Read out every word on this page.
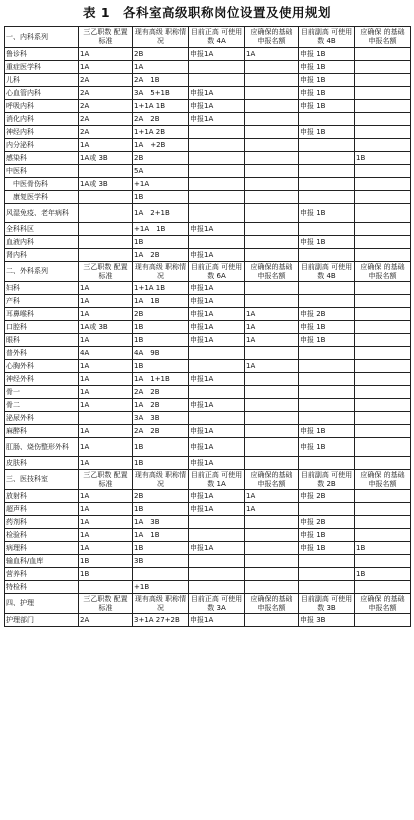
表 1　各科室高级职称岗位设置及使用规划
一、内科系列	三乙职数 配置标准	现有高级 职称情况	目前正高 可使用数 4A	应确保的基础 申报名额	目前副高 可使用数 4B	应确保 的基础 申报名额
鲁诊科	1A	2B	申报1A	1A	申报 1B	
重症医学科	1A	1A			申报 1B	
儿科	2A	2A　1B			申报 1B	
心血管内科	2A	3A　5+1B	申报1A		申报 1B	
呼吸内科	2A	1+1A 1B	申报1A		申报 1B	
消化内科	2A	2A　2B	申报1A			
神经内科	2A	1+1A 2B			申报 1B	
内分泌科	1A	1A　+2B				
感染科	1A或 3B	2B				1B
中医科		5A				
　中医骨伤科	1A或 3B	+1A				
　康复医学科		1B				
风湿免疫、老年病科		1A　2+1B			申报 1B	
全科科区		+1A　1B	申报1A			
血液内科		1B			申报 1B	
肾内科		1A　2B	申报1A			
二、外科系列	三乙职数 配置标准	现有高级 职称情况	目前正高 可使用数 6A	应确保的基础 申报名额	目前副高 可使用数 4B	应确保 的基础 申报名额
妇科	1A	1+1A 1B	申报1A			
产科	1A	1A　1B	申报1A			
耳鼻喉科	1A	2B	申报1A	1A	申报 2B	
口腔科	1A或 3B	1B	申报1A	1A	申报 1B	
眼科	1A	1B	申报1A	1A	申报 1B	
普外科	4A	4A　9B				
心胸外科	1A	1B		1A		
神经外科	1A	1A　1+1B	申报1A			
骨一	1A	2A　2B				
骨二	1A	1A　2B	申报1A			
泌尿外科		3A　3B				
麻醉科	1A	2A　2B	申报1A		申报 1B	
肛肠、烧伤整形外科	1A	1B	申报1A		申报 1B	
皮肤科	1A	1B	申报1A			
三、医技科室	三乙职数 配置标准	现有高级 职称情况	目前正高 可使用数 1A	应确保的基础 申报名额	目前副高 可使用数 2B	应确保 的基础 申报名额
放射科	1A	2B	申报1A	1A	申报 2B	
超声科	1A	1B	申报1A	1A		
药剂科	1A	1A　3B			申报 2B	
检验科	1A	1A　1B			申报 1B	
病理科	1A	1B	申报1A		申报 1B	1B
输血科/血库	1B	3B				
营养科	1B					1B
特检科		+1B				
四、护理	三乙职数 配置标准	现有高级 职称情况	目前正高 可使用数 3A	应确保的基础 申报名额	目前副高 可使用数 3B	应确保 的基础 申报名额
护理部门	2A	3+1A 27+2B	申报1A		申报 3B	
